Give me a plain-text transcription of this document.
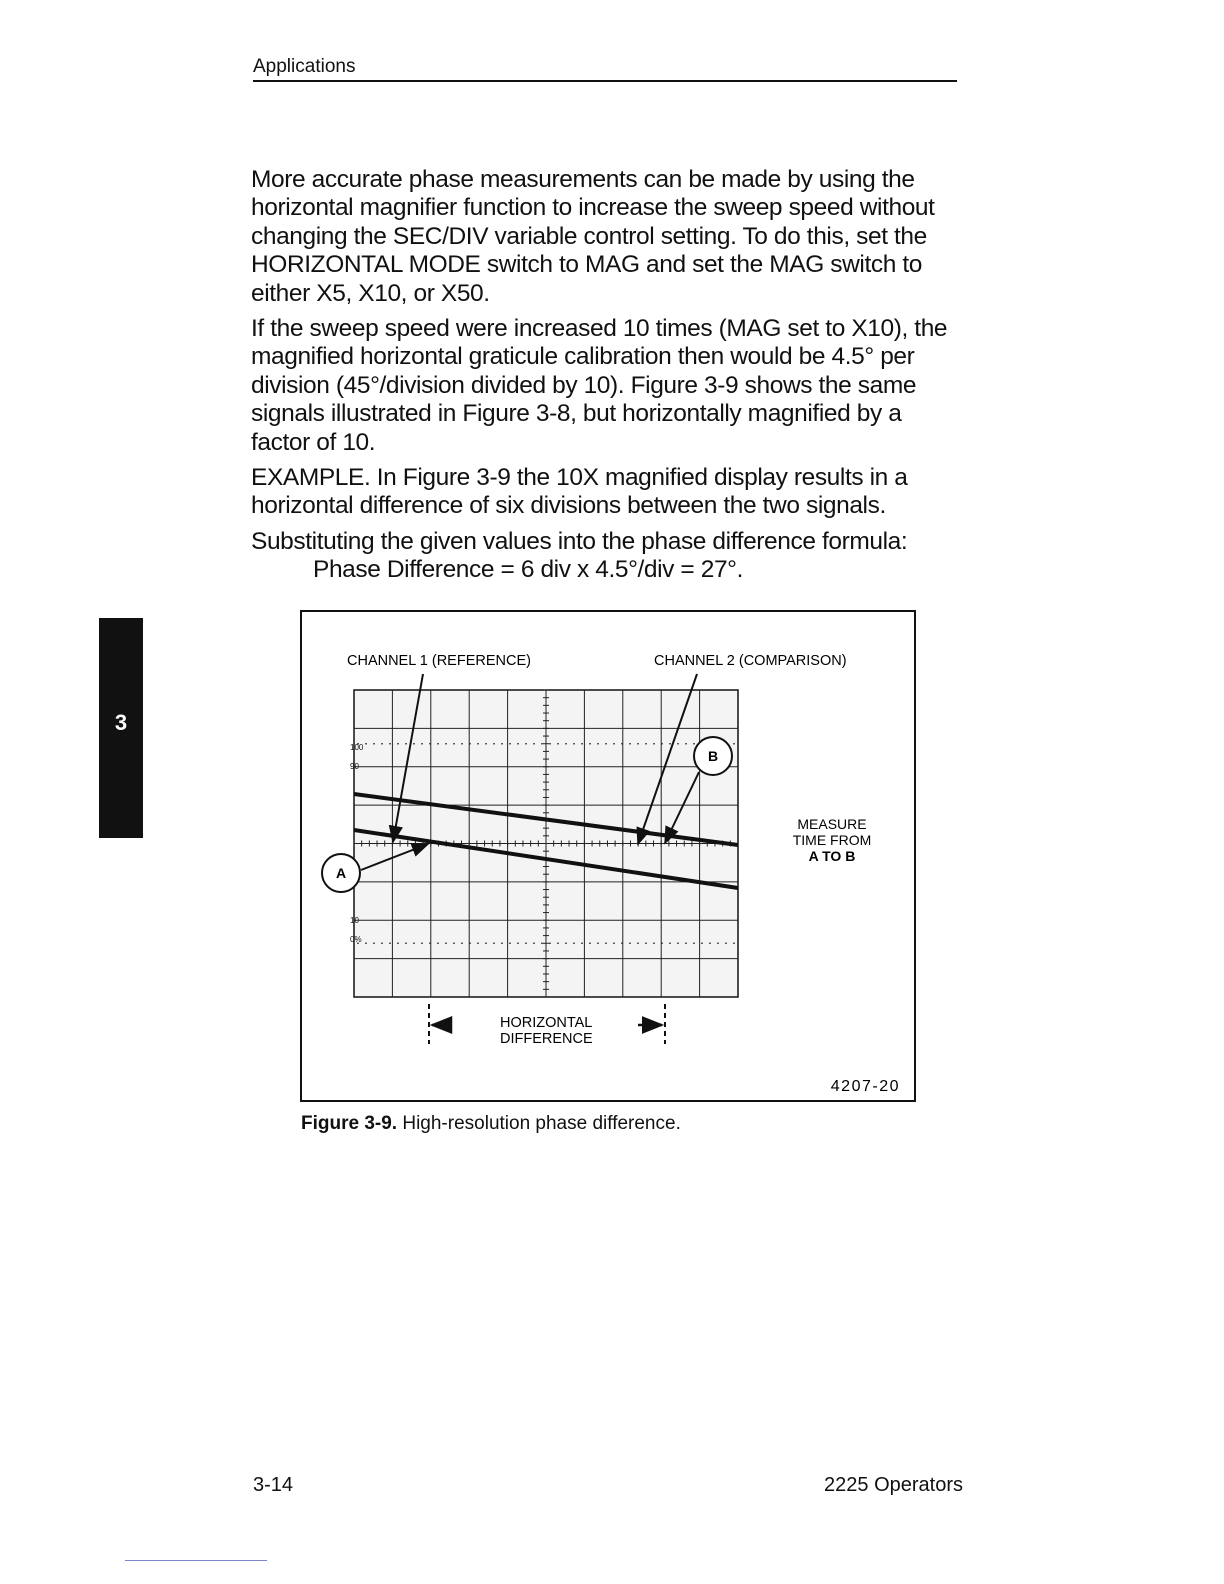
Applications

More accurate phase measurements can be made by using the horizontal magnifier function to increase the sweep speed without changing the SEC/DIV variable control setting. To do this, set the HORIZONTAL MODE switch to MAG and set the MAG switch to either X5, X10, or X50.

If the sweep speed were increased 10 times (MAG set to X10), the magnified horizontal graticule calibration then would be 4.5° per division (45°/division divided by 10). Figure 3-9 shows the same signals illustrated in Figure 3-8, but horizontally magnified by a factor of 10.

EXAMPLE. In Figure 3-9 the 10X magnified display results in a horizontal difference of six divisions between the two signals.

Substituting the given values into the phase difference formula:

Phase Difference = 6 div x 4.5°/div = 27°.

3
CHANNEL 1 (REFERENCE)	CHANNEL 2 (COMPARISON)
100
90
10
0%
A
B
MEASURE
TIME FROM
A TO B
HORIZONTAL
DIFFERENCE
4207-20
Figure 3-9. High-resolution phase difference.
3-14	2225 Operators
